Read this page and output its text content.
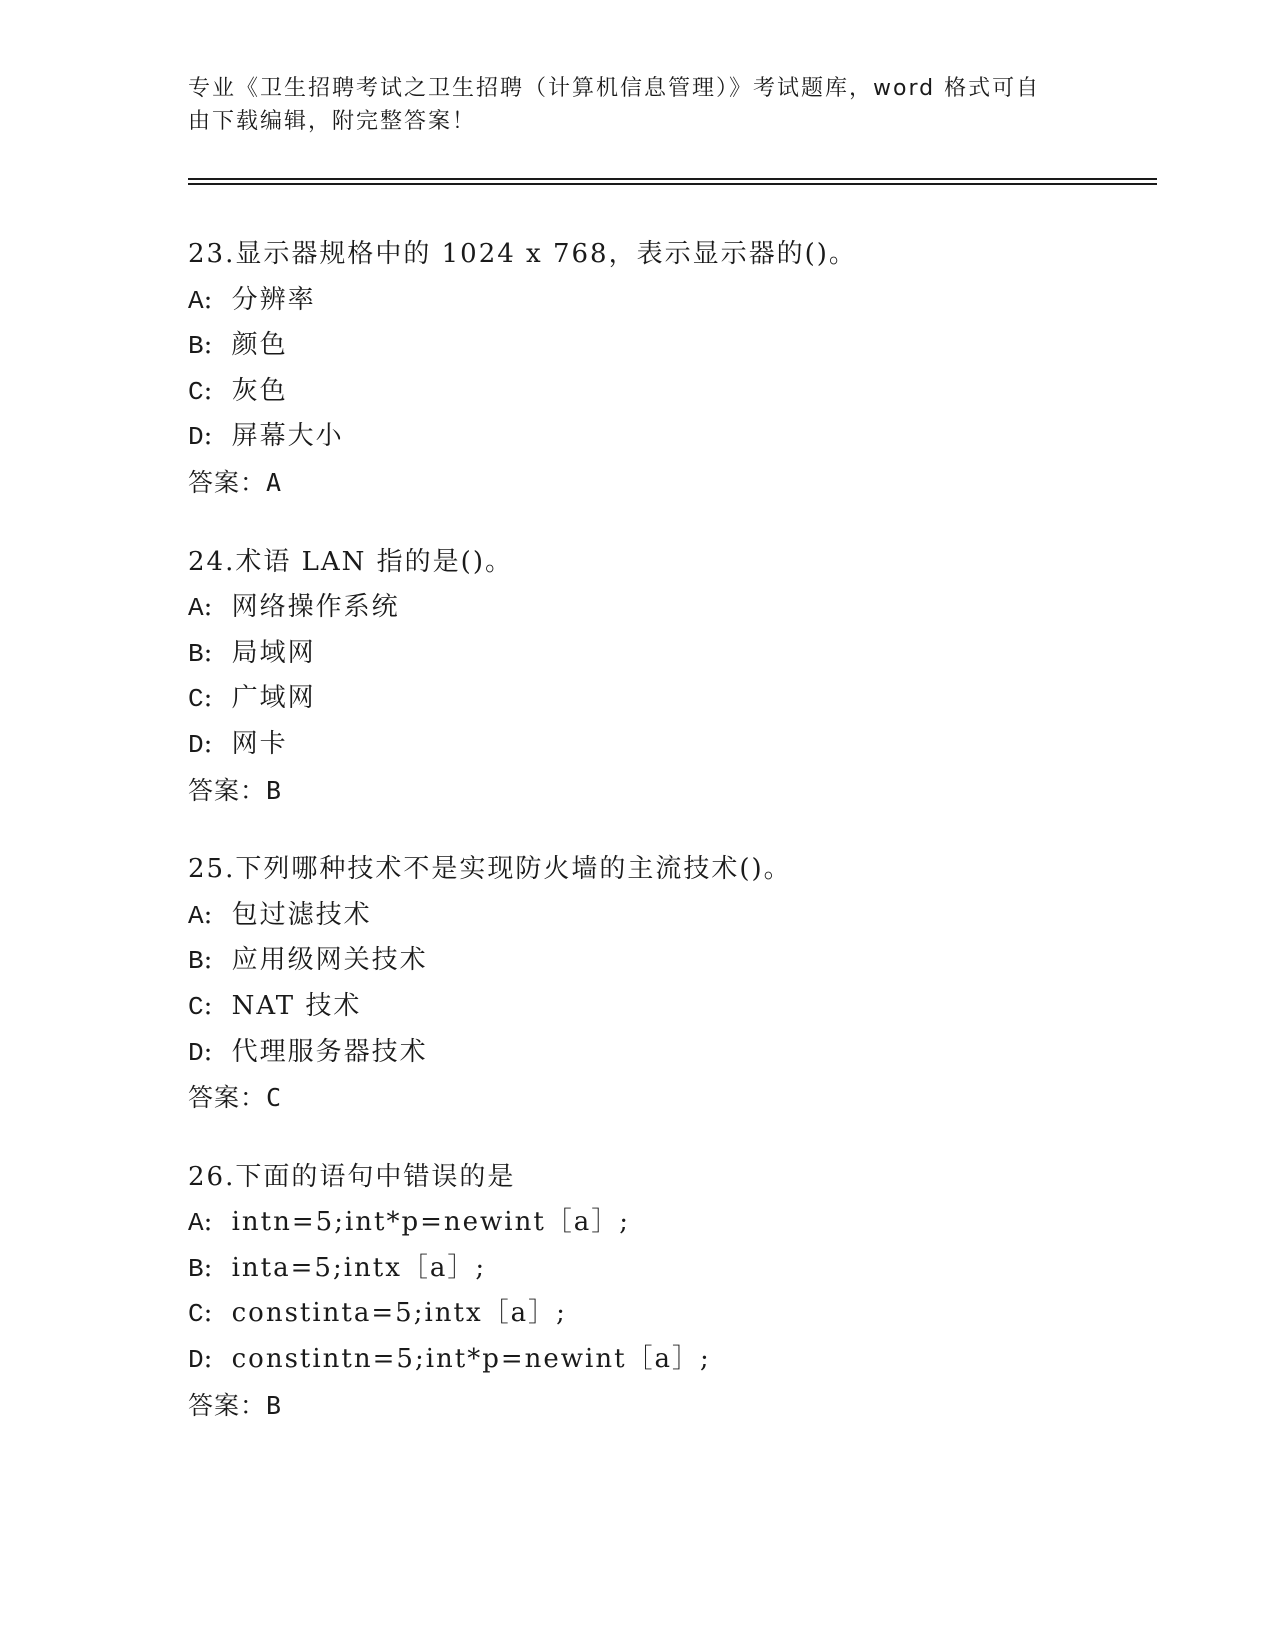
专业《卫生招聘考试之卫生招聘（计算机信息管理）》考试题库，word 格式可自
由下载编辑，附完整答案！
23.显示器规格中的 1024 x 768，表示显示器的()。
A: 分辨率
B: 颜色
C: 灰色
D: 屏幕大小
答案：A
24.术语 LAN 指的是()。
A: 网络操作系统
B: 局域网
C: 广域网
D: 网卡
答案：B
25.下列哪种技术不是实现防火墙的主流技术()。
A: 包过滤技术
B: 应用级网关技术
C: NAT 技术
D: 代理服务器技术
答案：C
26.下面的语句中错误的是
A: intn=5;int*p=newint［a］;
B: inta=5;intx［a］;
C: constinta=5;intx［a］;
D: constintn=5;int*p=newint［a］;
答案：B
